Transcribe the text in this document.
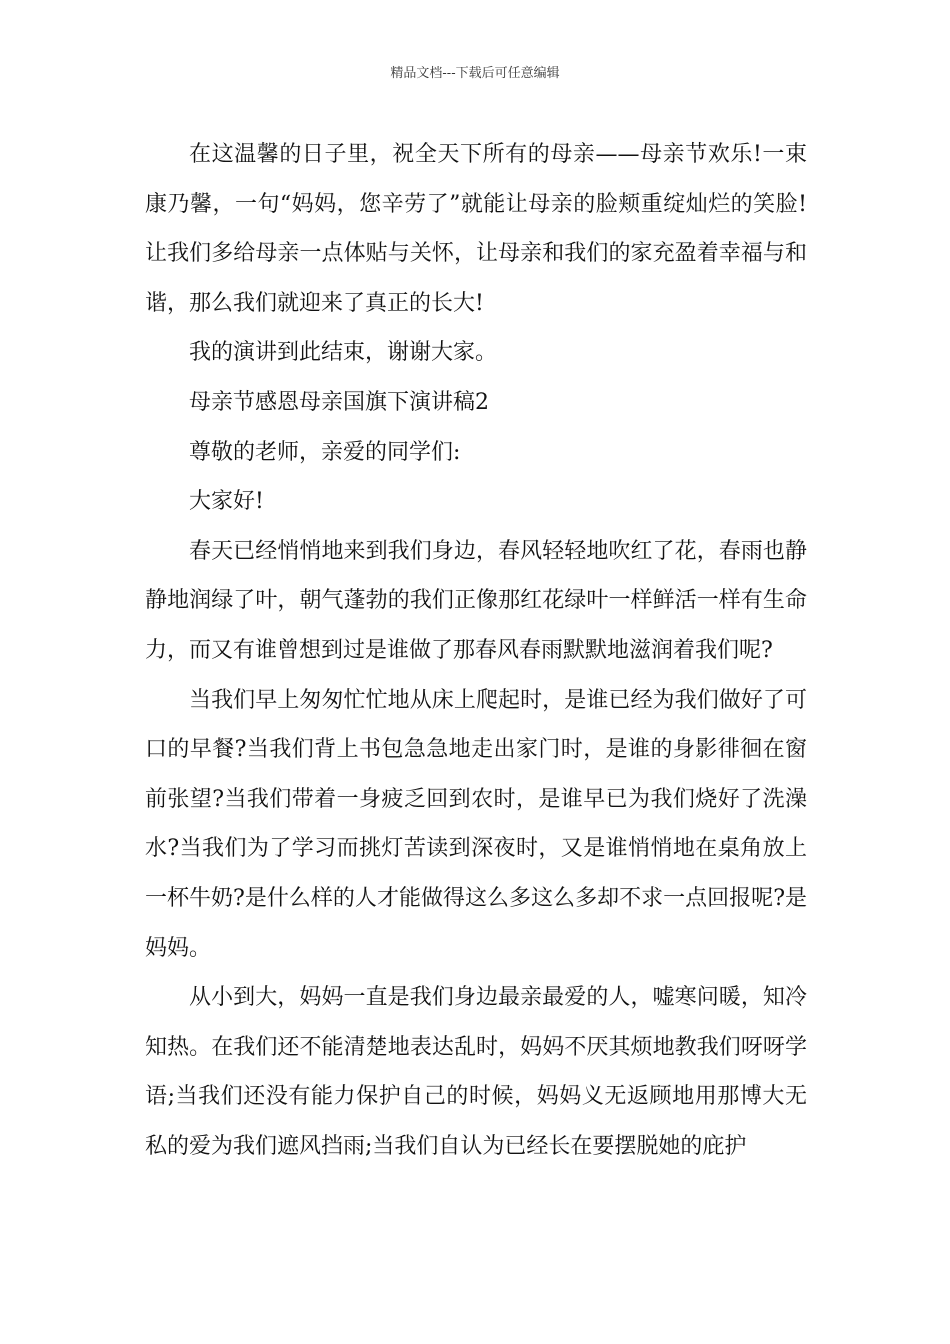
精品文档---下载后可任意编辑

在这温馨的日子里，祝全天下所有的母亲——母亲节欢乐!一束康乃馨，一句“妈妈，您辛劳了”就能让母亲的脸颊重绽灿烂的笑脸!让我们多给母亲一点体贴与关怀，让母亲和我们的家充盈着幸福与和谐，那么我们就迎来了真正的长大!

我的演讲到此结束，谢谢大家。

母亲节感恩母亲国旗下演讲稿2

尊敬的老师，亲爱的同学们:

大家好!

春天已经悄悄地来到我们身边，春风轻轻地吹红了花，春雨也静静地润绿了叶，朝气蓬勃的我们正像那红花绿叶一样鲜活一样有生命力，而又有谁曾想到过是谁做了那春风春雨默默地滋润着我们呢?

当我们早上匆匆忙忙地从床上爬起时，是谁已经为我们做好了可口的早餐?当我们背上书包急急地走出家门时，是谁的身影徘徊在窗前张望?当我们带着一身疲乏回到农时，是谁早已为我们烧好了洗澡水?当我们为了学习而挑灯苦读到深夜时，又是谁悄悄地在桌角放上一杯牛奶?是什么样的人才能做得这么多这么多却不求一点回报呢?是妈妈。

从小到大，妈妈一直是我们身边最亲最爱的人，嘘寒问暖，知冷知热。在我们还不能清楚地表达乱时，妈妈不厌其烦地教我们呀呀学语;当我们还没有能力保护自己的时候，妈妈义无返顾地用那博大无私的爱为我们遮风挡雨;当我们自认为已经长在要摆脱她的庇护
